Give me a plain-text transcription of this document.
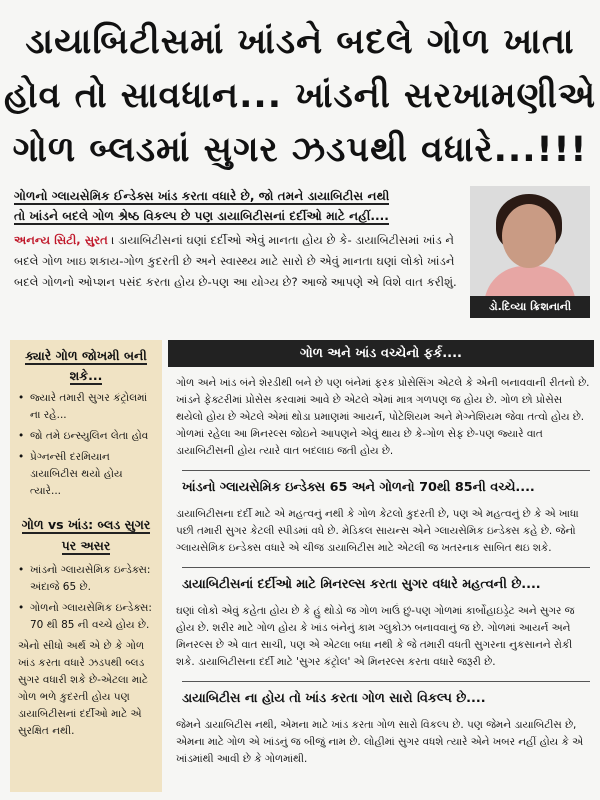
ડાયાબિટીસમાં ખાંડને બદલે ગોળ ખાતા
હોવ તો સાવધાન... ખાંડની સરખામણીએ
ગોળ બ્લડમાં સુગર ઝડપથી વધારે...!!!

ગોળનો ગ્લાયસેમિક ઈન્ડેક્સ ખાંડ કરતા વધારે છે, જો તમને ડાયાબિટીસ નથી
તો ખાંડને બદલે ગોળ શ્રેષ્ઠ વિકલ્પ છે પણ ડાયાબિટીસનાં દર્દીઓ માટે નહીં....

અનન્ય સિટી, સુરત । ડાયાબિટીસનાં ઘણાં દર્દીઓ એવું માનતા હોય છે કે- ડાયાબિટીસમાં ખાંડ ને બદલે ગોળ ખાઇ શકાય-ગોળ કુદરતી છે અને સ્વાસ્થ્ય માટે સારો છે એવું માનતા ઘણાં લોકો ખાંડને બદલે ગોળનો ઓપ્શન પસંદ કરતા હોય છે-પણ આ યોગ્ય છે? આજે આપણે એ વિશે વાત કરીશું.

ડો.દિવ્યા ક્રિશનાની
ક્યારે ગોળ જોખમી બની શકે...
• જ્યારે તમારી સુગર કંટ્રોલમાં ના રહે...
• જો તમે ઇન્સ્યુલિન લેતા હોવ
• પ્રેગ્નન્સી દરમિયાન ડાયાબિટીસ થયો હોય ત્યારે...
ગોળ vs ખાંડ: બ્લડ સુગર પર અસર
• ખાંડનો ગ્લાયસેમિક ઇન્ડેક્સ: અંદાજે 65 છે.
• ગોળનો ગ્લાયસેમિક ઇન્ડેક્સ: 70 થી 85 ની વચ્ચે હોય છે.

એનો સીધો અર્થ એ છે કે ગોળ ખાંડ કરતા વધારે ઝડપથી બ્લડ સુગર વધારી શકે છે-એટલા માટે ગોળ ભળે કુદરતી હોય પણ ડાયાબિટીસનાં દર્દીઓ માટે એ સુરક્ષિત નથી.

ગોળ અને ખાંડ વચ્ચેનો ફર્ક....

ગોળ અને ખાંડ બંને શેરડીથી બને છે પણ બંનેમાં ફરક પ્રોસેસિંગ એટલે કે એની બનાવવાની રીતનો છે. ખાંડને ફેક્ટરીમાં પ્રોસેસ કરવામાં આવે છે એટલે એમાં માત્ર ગળપણ જ હોય છે. ગોળ છો પ્રોસેસ થયેલો હોય છે એટલે એમાં થોડા પ્રમાણમાં આયર્ન, પોટેશિયમ અને મેગ્નેશિયમ જેવા તત્વો હોય છે. ગોળમાં રહેલા આ મિનરલ્સ જોઇને આપણને એવું થાય છે કે-ગોળ સેફ છે-પણ જ્યારે વાત ડાયાબિટીસની હોય ત્યારે વાત બદલાઇ જતી હોય છે.

ખાંડનો ગ્લાયસેમિક ઇન્ડેક્સ 65 અને ગોળનો 70થી 85ની વચ્ચે....

ડાયાબિટીસના દર્દી માટે એ મહત્વનું નથી કે ગોળ કેટલો કુદરતી છે, પણ એ મહત્વનું છે કે એ ખાધા પછી તમારી સુગર કેટલી સ્પીડમાં વધે છે. મેડિકલ સાયન્સ એને ગ્લાયસેમિક ઇન્ડેક્સ કહે છે. જેનો ગ્લાયસેમિક ઇન્ડેક્સ વધારે એ ચીજ ડાયાબિટીસ માટે એટલી જ ખતરનાક સાબિત થઇ શકે.

ડાયાબિટીસનાં દર્દીઓ માટે મિનરલ્સ કરતા સુગર વધારે મહત્વની છે....

ઘણાં લોકો એવું કહેતા હોય છે કે હું થોડો જ ગોળ ખાઉં છું-પણ ગોળમાં કાર્બોહાઇડ્રેટ અને સુગર જ હોય છે. શરીર માટે ગોળ હોય કે ખાંડ બંનેનું કામ ગ્લુકોઝ બનાવવાનું જ છે. ગોળમાં આયર્ન અને મિનરલ્સ છે એ વાત સાચી, પણ એ એટલા બધા નથી કે જે તમારી વધતી સુગરના નુકસાનને રોકી શકે. ડાયાબિટીસના દર્દી માટે 'સુગર કંટ્રોલ' એ મિનરલ્સ કરતા વધારે જરૂરી છે.

ડાયાબિટીસ ના હોય તો ખાંડ કરતા ગોળ સારો વિકલ્પ છે....

જેમને ડાયાબિટીસ નથી, એમના માટે ખાંડ કરતા ગોળ સારો વિકલ્પ છે. પણ જેમને ડાયાબિટીસ છે, એમના માટે ગોળ એ ખાંડનું જ બીજું નામ છે. લોહીમાં સુગર વધશે ત્યારે એને ખબર નહીં હોય કે એ ખાંડમાંથી આવી છે કે ગોળમાંથી.
